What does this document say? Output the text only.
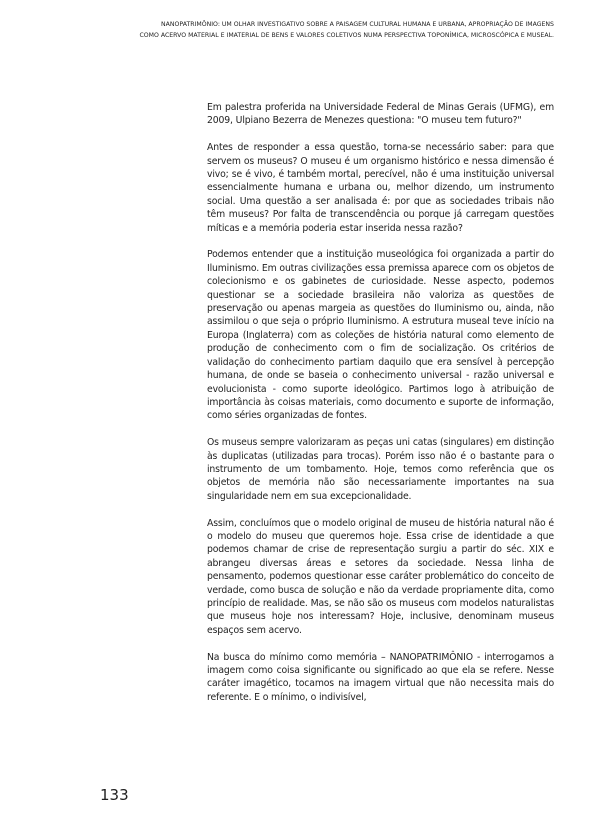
NANOPATRIMÔNIO: UM OLHAR INVESTIGATIVO SOBRE A PAISAGEM CULTURAL HUMANA E URBANA, APROPRIAÇÃO DE IMAGENS
COMO ACERVO MATERIAL E IMATERIAL DE BENS E VALORES COLETIVOS NUMA PERSPECTIVA TOPONÍMICA, MICROSCÓPICA E MUSEAL.

Em palestra proferida na Universidade Federal de Minas Gerais (UFMG), em 2009, Ulpiano Bezerra de Menezes questiona: "O museu tem futuro?"

Antes de responder a essa questão, torna-se necessário saber: para que servem os museus? O museu é um organismo histórico e nessa dimensão é vivo; se é vivo, é também mortal, perecível, não é uma instituição universal essencialmente humana e urbana ou, melhor dizendo, um instrumento social. Uma questão a ser analisada é: por que as sociedades tribais não têm museus? Por falta de transcendência ou porque já carregam questões míticas e a memória poderia estar inserida nessa razão?

Podemos entender que a instituição museológica foi organizada a partir do Iluminismo. Em outras civilizações essa premissa aparece com os objetos de colecionismo e os gabinetes de curiosidade. Nesse aspecto, podemos questionar se a sociedade brasileira não valoriza as questões de preservação ou apenas margeia as questões do Iluminismo ou, ainda, não assimilou o que seja o próprio Iluminismo. A estrutura museal teve início na Europa (Inglaterra) com as coleções de história natural como elemento de produção de conhecimento com o fim de socialização. Os critérios de validação do conhecimento partiam daquilo que era sensível à percepção humana, de onde se baseia o conhecimento universal - razão universal e evolucionista - como suporte ideológico. Partimos logo à atribuição de importância às coisas materiais, como documento e suporte de informação, como séries organizadas de fontes.

Os museus sempre valorizaram as peças uni catas (singulares) em distinção às duplicatas (utilizadas para trocas). Porém isso não é o bastante para o instrumento de um tombamento. Hoje, temos como referência que os objetos de memória não são necessariamente importantes na sua singularidade nem em sua excepcionalidade.

Assim, concluímos que o modelo original de museu de história natural não é o modelo do museu que queremos hoje. Essa crise de identidade a que podemos chamar de crise de representação surgiu a partir do séc. XIX e abrangeu diversas áreas e setores da sociedade. Nessa linha de pensamento, podemos questionar esse caráter problemático do conceito de verdade, como busca de solução e não da verdade propriamente dita, como princípio de realidade. Mas, se não são os museus com modelos naturalistas que museus hoje nos interessam? Hoje, inclusive, denominam museus espaços sem acervo.

Na busca do mínimo como memória – NANOPATRIMÔNIO - interrogamos a imagem como coisa significante ou significado ao que ela se refere. Nesse caráter imagético, tocamos na imagem virtual que não necessita mais do referente. E o mínimo, o indivisível,

133
